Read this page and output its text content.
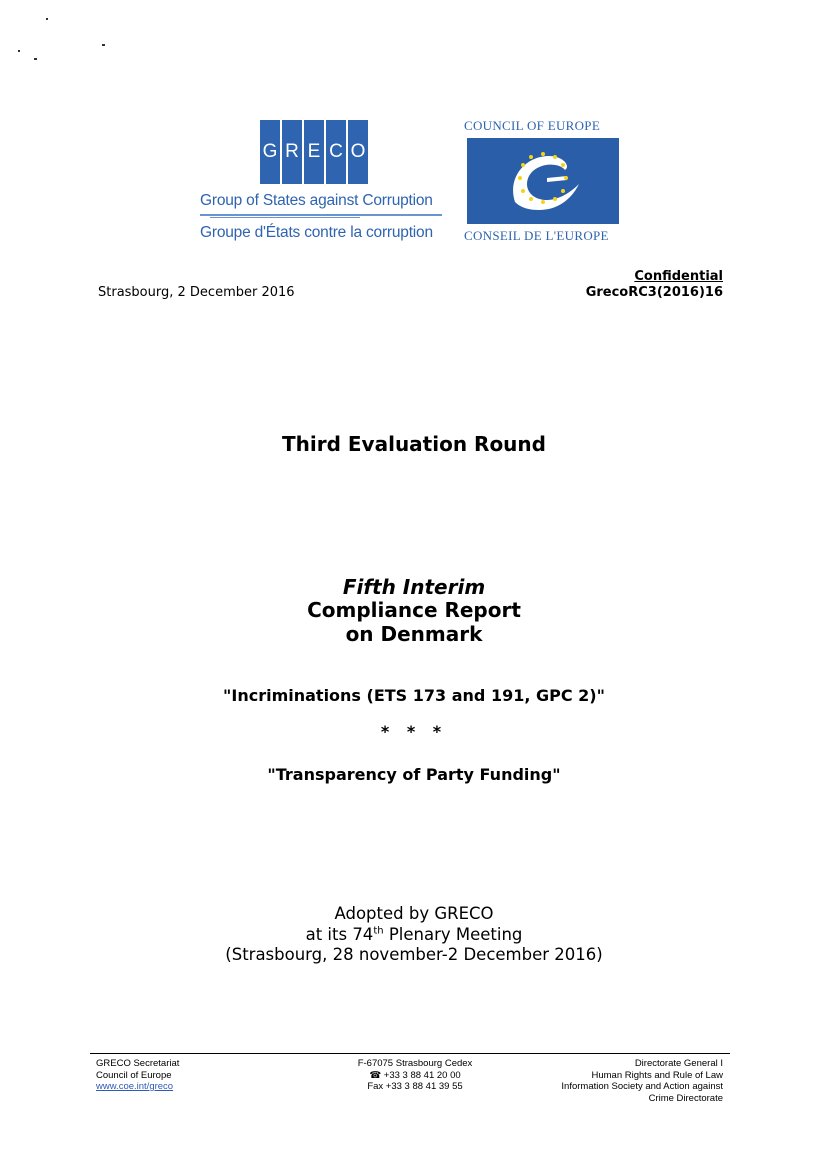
G R E C O
Group of States against Corruption
Groupe d'États contre la corruption
COUNCIL OF EUROPE
CONSEIL DE L'EUROPE
Strasbourg, 2 December 2016
Confidential
GrecoRC3(2016)16
Third Evaluation Round
Fifth Interim
Compliance Report
on Denmark
"Incriminations (ETS 173 and 191, GPC 2)"
* * *
"Transparency of Party Funding"
Adopted by GRECO
at its 74th Plenary Meeting
(Strasbourg, 28 november-2 December 2016)
GRECO Secretariat
Council of Europe
www.coe.int/greco
F-67075 Strasbourg Cedex
☎ +33 3 88 41 20 00
Fax +33 3 88 41 39 55
Directorate General I
Human Rights and Rule of Law
Information Society and Action against
Crime Directorate
